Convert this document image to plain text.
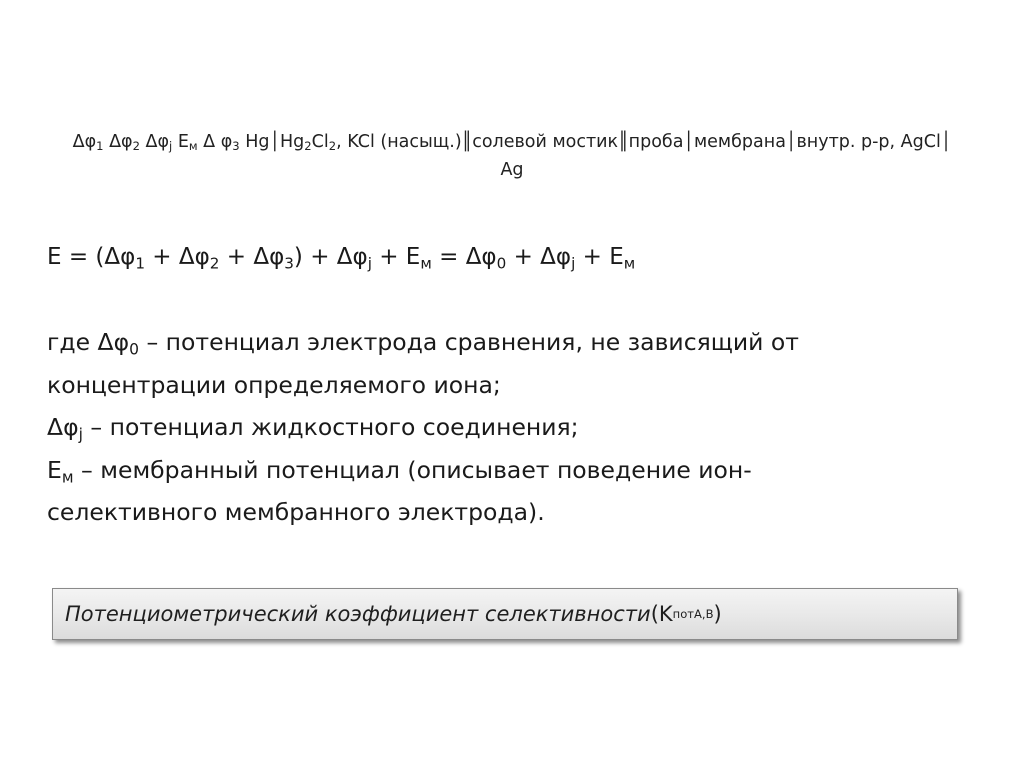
$\Delta\varphi_1$ $\Delta\varphi_2$ $\Delta\varphi_j$ $E_м$ Δ $\varphi_3$ $Hg│Hg_2Cl_2$, KCl (насыщ.)║солевой мостик║проба│мембрана│внутр. р-р, AgCl│
Ag
$E = (\Delta\varphi_1 + \Delta\varphi_2 + \Delta\varphi_3) + \Delta\varphi_j + E_м = \Delta\varphi_0 + \Delta\varphi_j + E_м$
где $\Delta\varphi_0$ – потенциал электрода сравнения, не зависящий от
концентрации определяемого иона;
$\Delta\varphi_j$ – потенциал жидкостного соединения;
$E_м$ – мембранный потенциал (описывает поведение ион-
селективного мембранного электрода).
Потенциометрический коэффициент селективности (K пот A,B )
